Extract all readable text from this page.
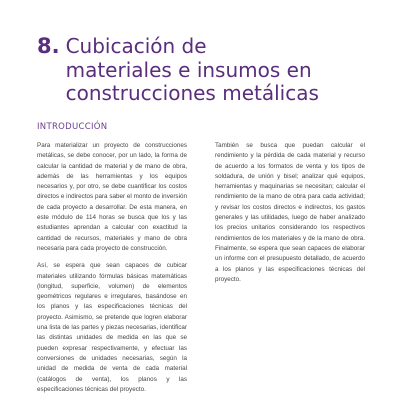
8. Cubicación de
materiales e insumos en
construcciones metálicas
INTRODUCCIÓN

Para materializar un proyecto de construcciones metálicas, se debe conocer, por un lado, la forma de calcular la cantidad de material y de mano de obra, además de las herramientas y los equipos necesarios y, por otro, se debe cuantificar los costos directos e indirectos para saber el monto de inversión de cada proyecto a desarrollar. De esta manera, en este módulo de 114 horas se busca que los y las estudiantes aprendan a calcular con exactitud la cantidad de recursos, materiales y mano de obra necesaria para cada proyecto de construcción.

Así, se espera que sean capaces de cubicar materiales utilizando fórmulas básicas matemáticas (longitud, superficie, volumen) de elementos geométricos regulares e irregulares, basándose en los planos y las especificaciones técnicas del proyecto. Asimismo, se pretende que logren elaborar una lista de las partes y piezas necesarias, identificar las distintas unidades de medida en las que se pueden expresar respectivamente, y efectuar las conversiones de unidades necesarias, según la unidad de medida de venta de cada material (catálogos de venta), los planos y las especificaciones técnicas del proyecto.

También se busca que puedan calcular el rendimiento y la pérdida de cada material y recurso de acuerdo a los formatos de venta y los tipos de soldadura, de unión y bisel; analizar qué equipos, herramientas y maquinarias se necesitan; calcular el rendimiento de la mano de obra para cada actividad; y revisar los costos directos e indirectos, los gastos generales y las utilidades, luego de haber analizado los precios unitarios considerando los respectivos rendimientos de los materiales y de la mano de obra. Finalmente, se espera que sean capaces de elaborar un informe con el presupuesto detallado, de acuerdo a los planos y las especificaciones técnicas del proyecto.
